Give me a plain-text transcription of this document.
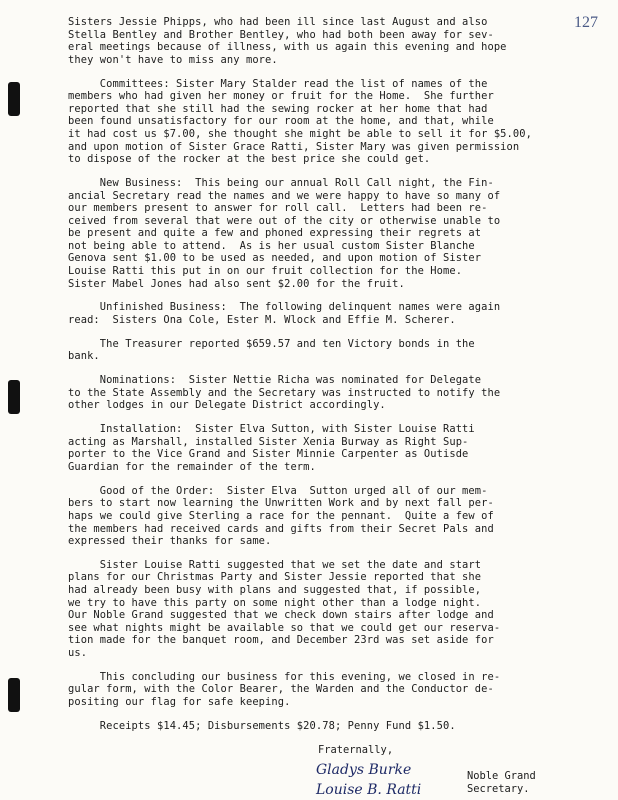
127

Sisters Jessie Phipps, who had been ill since last August and also
Stella Bentley and Brother Bentley, who had both been away for sev-
eral meetings because of illness, with us again this evening and hope
they won't have to miss any more.

Committees: Sister Mary Stalder read the list of names of the
members who had given her money or fruit for the Home.  She further
reported that she still had the sewing rocker at her home that had
been found unsatisfactory for our room at the home, and that, while
it had cost us $7.00, she thought she might be able to sell it for $5.00,
and upon motion of Sister Grace Ratti, Sister Mary was given permission
to dispose of the rocker at the best price she could get.

New Business:  This being our annual Roll Call night, the Fin-
ancial Secretary read the names and we were happy to have so many of
our members present to answer for roll call.  Letters had been re-
ceived from several that were out of the city or otherwise unable to
be present and quite a few and phoned expressing their regrets at
not being able to attend.  As is her usual custom Sister Blanche
Genova sent $1.00 to be used as needed, and upon motion of Sister
Louise Ratti this put in on our fruit collection for the Home.
Sister Mabel Jones had also sent $2.00 for the fruit.

Unfinished Business:  The following delinquent names were again
read:  Sisters Ona Cole, Ester M. Wlock and Effie M. Scherer.

The Treasurer reported $659.57 and ten Victory bonds in the
bank.

Nominations:  Sister Nettie Richa was nominated for Delegate
to the State Assembly and the Secretary was instructed to notify the
other lodges in our Delegate District accordingly.

Installation:  Sister Elva Sutton, with Sister Louise Ratti
acting as Marshall, installed Sister Xenia Burway as Right Sup-
porter to the Vice Grand and Sister Minnie Carpenter as Outisde
Guardian for the remainder of the term.

Good of the Order:  Sister Elva  Sutton urged all of our mem-
bers to start now learning the Unwritten Work and by next fall per-
haps we could give Sterling a race for the pennant.  Quite a few of
the members had received cards and gifts from their Secret Pals and
expressed their thanks for same.

Sister Louise Ratti suggested that we set the date and start
plans for our Christmas Party and Sister Jessie reported that she
had already been busy with plans and suggested that, if possible,
we try to have this party on some night other than a lodge night.
Our Noble Grand suggested that we check down stairs after lodge and
see what nights might be available so that we could get our reserva-
tion made for the banquet room, and December 23rd was set aside for
us.

This concluding our business for this evening, we closed in re-
gular form, with the Color Bearer, the Warden and the Conductor de-
positing our flag for safe keeping.

Receipts $14.45; Disbursements $20.78; Penny Fund $1.50.

Fraternally,
Gladys Burke
Louise B. Ratti
Noble Grand
Secretary.
